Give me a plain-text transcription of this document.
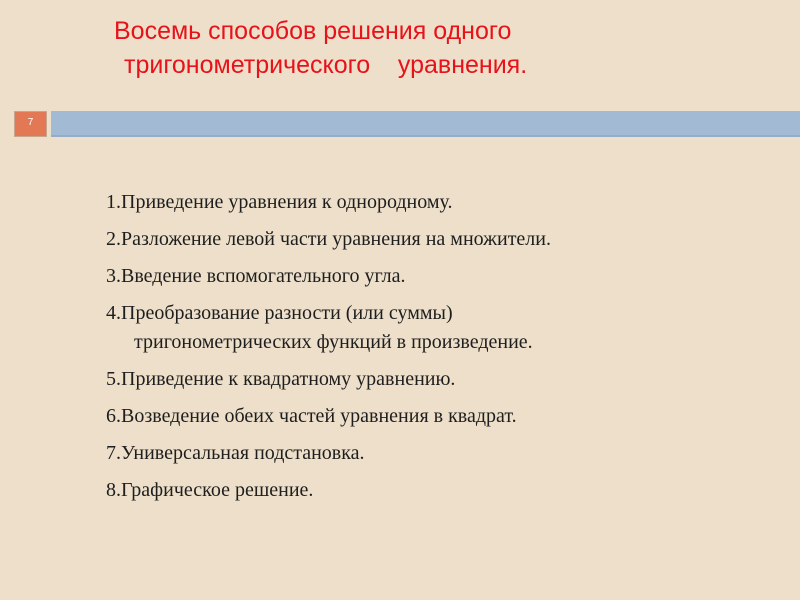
Восемь способов решения одного
тригонометрического    уравнения.
7
1.Приведение уравнения к однородному.
2.Разложение левой части уравнения на множители.
3.Введение вспомогательного угла.
4.Преобразование разности (или суммы)
тригонометрических функций в произведение.
5.Приведение к квадратному уравнению.
6.Возведение обеих частей уравнения в квадрат.
7.Универсальная подстановка.
8.Графическое решение.
